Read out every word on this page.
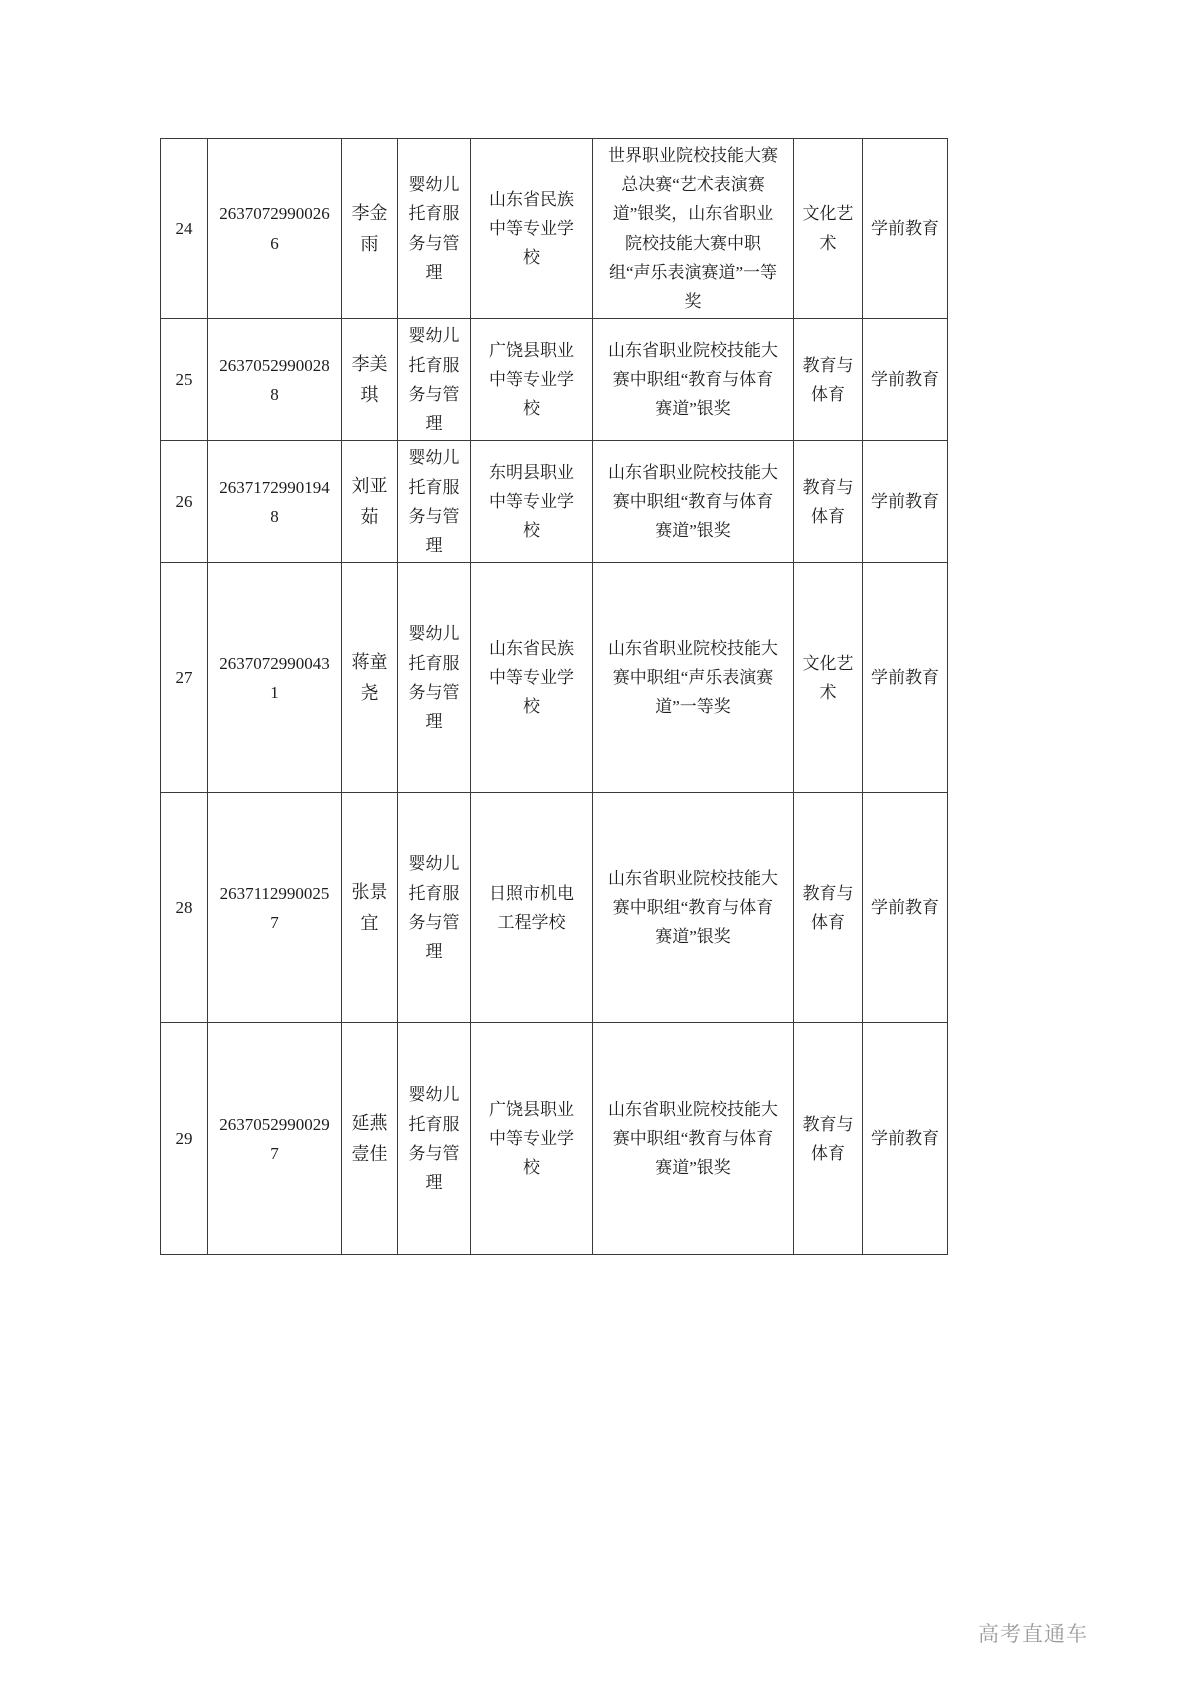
24	26370729900266	李金雨	婴幼儿托育服务与管理	山东省民族中等专业学校	世界职业院校技能大赛总决赛“艺术表演赛道”银奖，山东省职业院校技能大赛中职组“声乐表演赛道”一等奖	文化艺术	学前教育
25	26370529900288	李美琪	婴幼儿托育服务与管理	广饶县职业中等专业学校	山东省职业院校技能大赛中职组“教育与体育赛道”银奖	教育与体育	学前教育
26	26371729901948	刘亚茹	婴幼儿托育服务与管理	东明县职业中等专业学校	山东省职业院校技能大赛中职组“教育与体育赛道”银奖	教育与体育	学前教育
27	26370729900431	蒋童尧	婴幼儿托育服务与管理	山东省民族中等专业学校	山东省职业院校技能大赛中职组“声乐表演赛道”一等奖	文化艺术	学前教育
28	26371129900257	张景宜	婴幼儿托育服务与管理	日照市机电工程学校	山东省职业院校技能大赛中职组“教育与体育赛道”银奖	教育与体育	学前教育
29	26370529900297	延燕壹佳	婴幼儿托育服务与管理	广饶县职业中等专业学校	山东省职业院校技能大赛中职组“教育与体育赛道”银奖	教育与体育	学前教育
高考直通车
